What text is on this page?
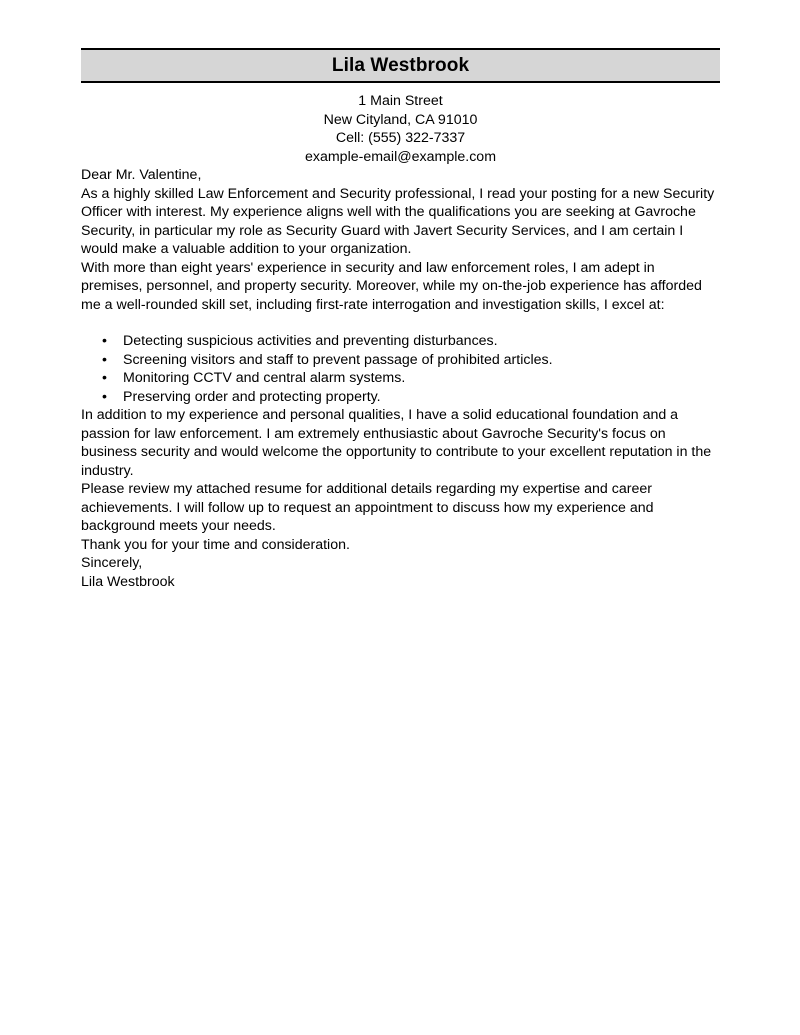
Lila Westbrook
1 Main Street
New Cityland, CA 91010
Cell: (555) 322-7337
example-email@example.com

Dear Mr. Valentine,

As a highly skilled Law Enforcement and Security professional, I read your posting for a new Security Officer with interest. My experience aligns well with the qualifications you are seeking at Gavroche Security, in particular my role as Security Guard with Javert Security Services, and I am certain I would make a valuable addition to your organization.

With more than eight years' experience in security and law enforcement roles, I am adept in premises, personnel, and property security. Moreover, while my on-the-job experience has afforded me a well-rounded skill set, including first-rate interrogation and investigation skills, I excel at:

• Detecting suspicious activities and preventing disturbances.
• Screening visitors and staff to prevent passage of prohibited articles.
• Monitoring CCTV and central alarm systems.
• Preserving order and protecting property.

In addition to my experience and personal qualities, I have a solid educational foundation and a passion for law enforcement. I am extremely enthusiastic about Gavroche Security's focus on business security and would welcome the opportunity to contribute to your excellent reputation in the industry.

Please review my attached resume for additional details regarding my expertise and career achievements. I will follow up to request an appointment to discuss how my experience and background meets your needs.

Thank you for your time and consideration.

Sincerely,

Lila Westbrook
